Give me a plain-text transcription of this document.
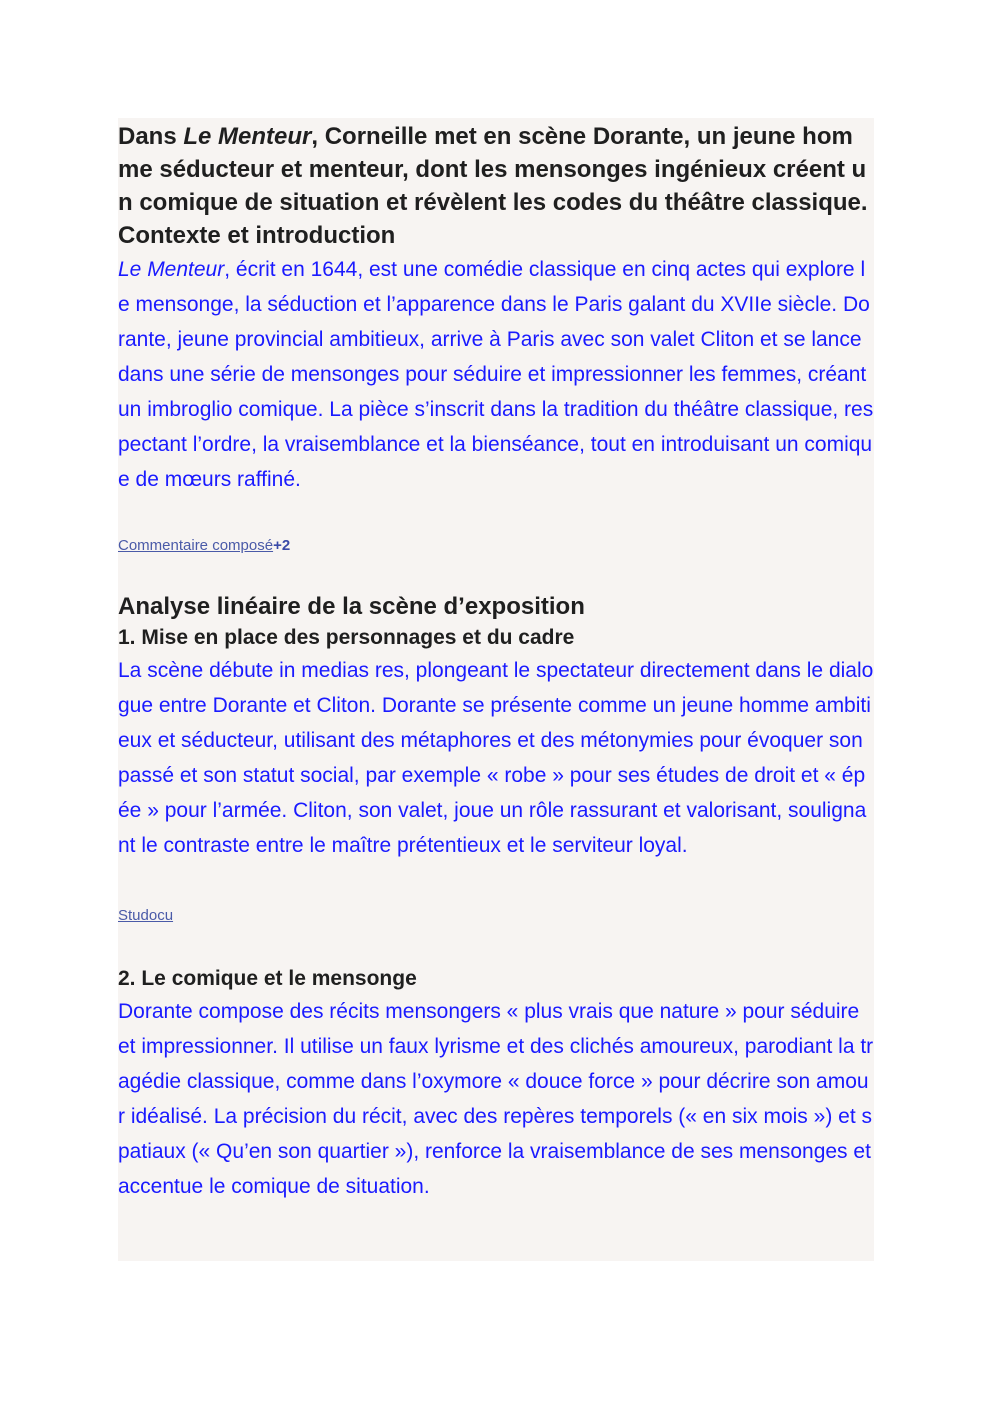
Dans Le Menteur, Corneille met en scène Dorante, un jeune homme séducteur et menteur, dont les mensonges ingénieux créent un comique de situation et révèlent les codes du théâtre classique.

Contexte et introduction

Le Menteur, écrit en 1644, est une comédie classique en cinq actes qui explore le mensonge, la séduction et l’apparence dans le Paris galant du XVIIe siècle. Dorante, jeune provincial ambitieux, arrive à Paris avec son valet Cliton et se lance dans une série de mensonges pour séduire et impressionner les femmes, créant un imbroglio comique. La pièce s’inscrit dans la tradition du théâtre classique, respectant l’ordre, la vraisemblance et la bienséance, tout en introduisant un comique de mœurs raffiné.

Commentaire composé+2

Analyse linéaire de la scène d’exposition
1. Mise en place des personnages et du cadre

La scène débute in medias res, plongeant le spectateur directement dans le dialogue entre Dorante et Cliton. Dorante se présente comme un jeune homme ambitieux et séducteur, utilisant des métaphores et des métonymies pour évoquer son passé et son statut social, par exemple « robe » pour ses études de droit et « épée » pour l’armée. Cliton, son valet, joue un rôle rassurant et valorisant, soulignant le contraste entre le maître prétentieux et le serviteur loyal.

Studocu

2. Le comique et le mensonge

Dorante compose des récits mensongers « plus vrais que nature » pour séduire et impressionner. Il utilise un faux lyrisme et des clichés amoureux, parodiant la tragédie classique, comme dans l’oxymore « douce force » pour décrire son amour idéalisé. La précision du récit, avec des repères temporels (« en six mois ») et spatiaux (« Qu’en son quartier »), renforce la vraisemblance de ses mensonges et accentue le comique de situation.
